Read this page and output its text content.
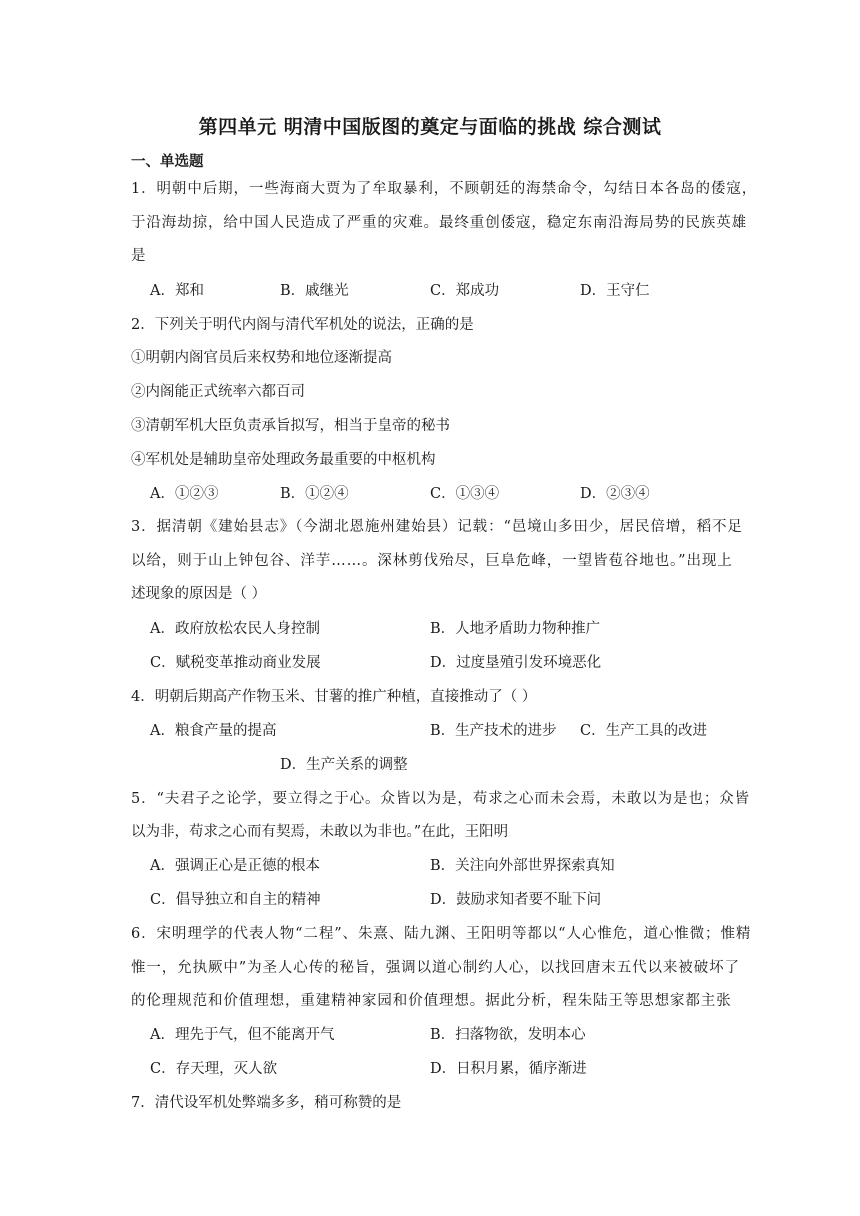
第四单元 明清中国版图的奠定与面临的挑战 综合测试
一、单选题
1．明朝中后期，一些海商大贾为了牟取暴利，不顾朝廷的海禁命令，勾结日本各岛的倭寇，
于沿海劫掠，给中国人民造成了严重的灾难。最终重创倭寇，稳定东南沿海局势的民族英雄
是
A．郑和	B．戚继光	C．郑成功	D．王守仁
2．下列关于明代内阁与清代军机处的说法，正确的是
①明朝内阁官员后来权势和地位逐渐提高
②内阁能正式统率六都百司
③清朝军机大臣负责承旨拟写，相当于皇帝的秘书
④军机处是辅助皇帝处理政务最重要的中枢机构
A．①②③	B．①②④	C．①③④	D．②③④
3．据清朝《建始县志》（今湖北恩施州建始县）记载：“邑境山多田少，居民倍增，稻不足
以给，则于山上钟包谷、洋芋……。深林剪伐殆尽，巨阜危峰，一望皆苞谷地也。”出现上
述现象的原因是（ ）
A．政府放松农民人身控制	B．人地矛盾助力物种推广
C．赋税变革推动商业发展	D．过度垦殖引发环境恶化
4．明朝后期高产作物玉米、甘薯的推广种植，直接推动了（ ）
A．粮食产量的提高	B．生产技术的进步 C．生产工具的改进
D．生产关系的调整
5．“夫君子之论学，要立得之于心。众皆以为是，苟求之心而未会焉，未敢以为是也；众皆
以为非，苟求之心而有契焉，未敢以为非也。”在此，王阳明
A．强调正心是正德的根本	B．关注向外部世界探索真知
C．倡导独立和自主的精神	D．鼓励求知者要不耻下问
6．宋明理学的代表人物“二程”、朱熹、陆九渊、王阳明等都以“人心惟危，道心惟微；惟精
惟一，允执厥中”为圣人心传的秘旨，强调以道心制约人心，以找回唐末五代以来被破坏了
的伦理规范和价值理想，重建精神家园和价值理想。据此分析，程朱陆王等思想家都主张
A．理先于气，但不能离开气	B．扫落物欲，发明本心
C．存天理，灭人欲	D．日积月累，循序渐进
7．清代设军机处弊端多多，稍可称赞的是
